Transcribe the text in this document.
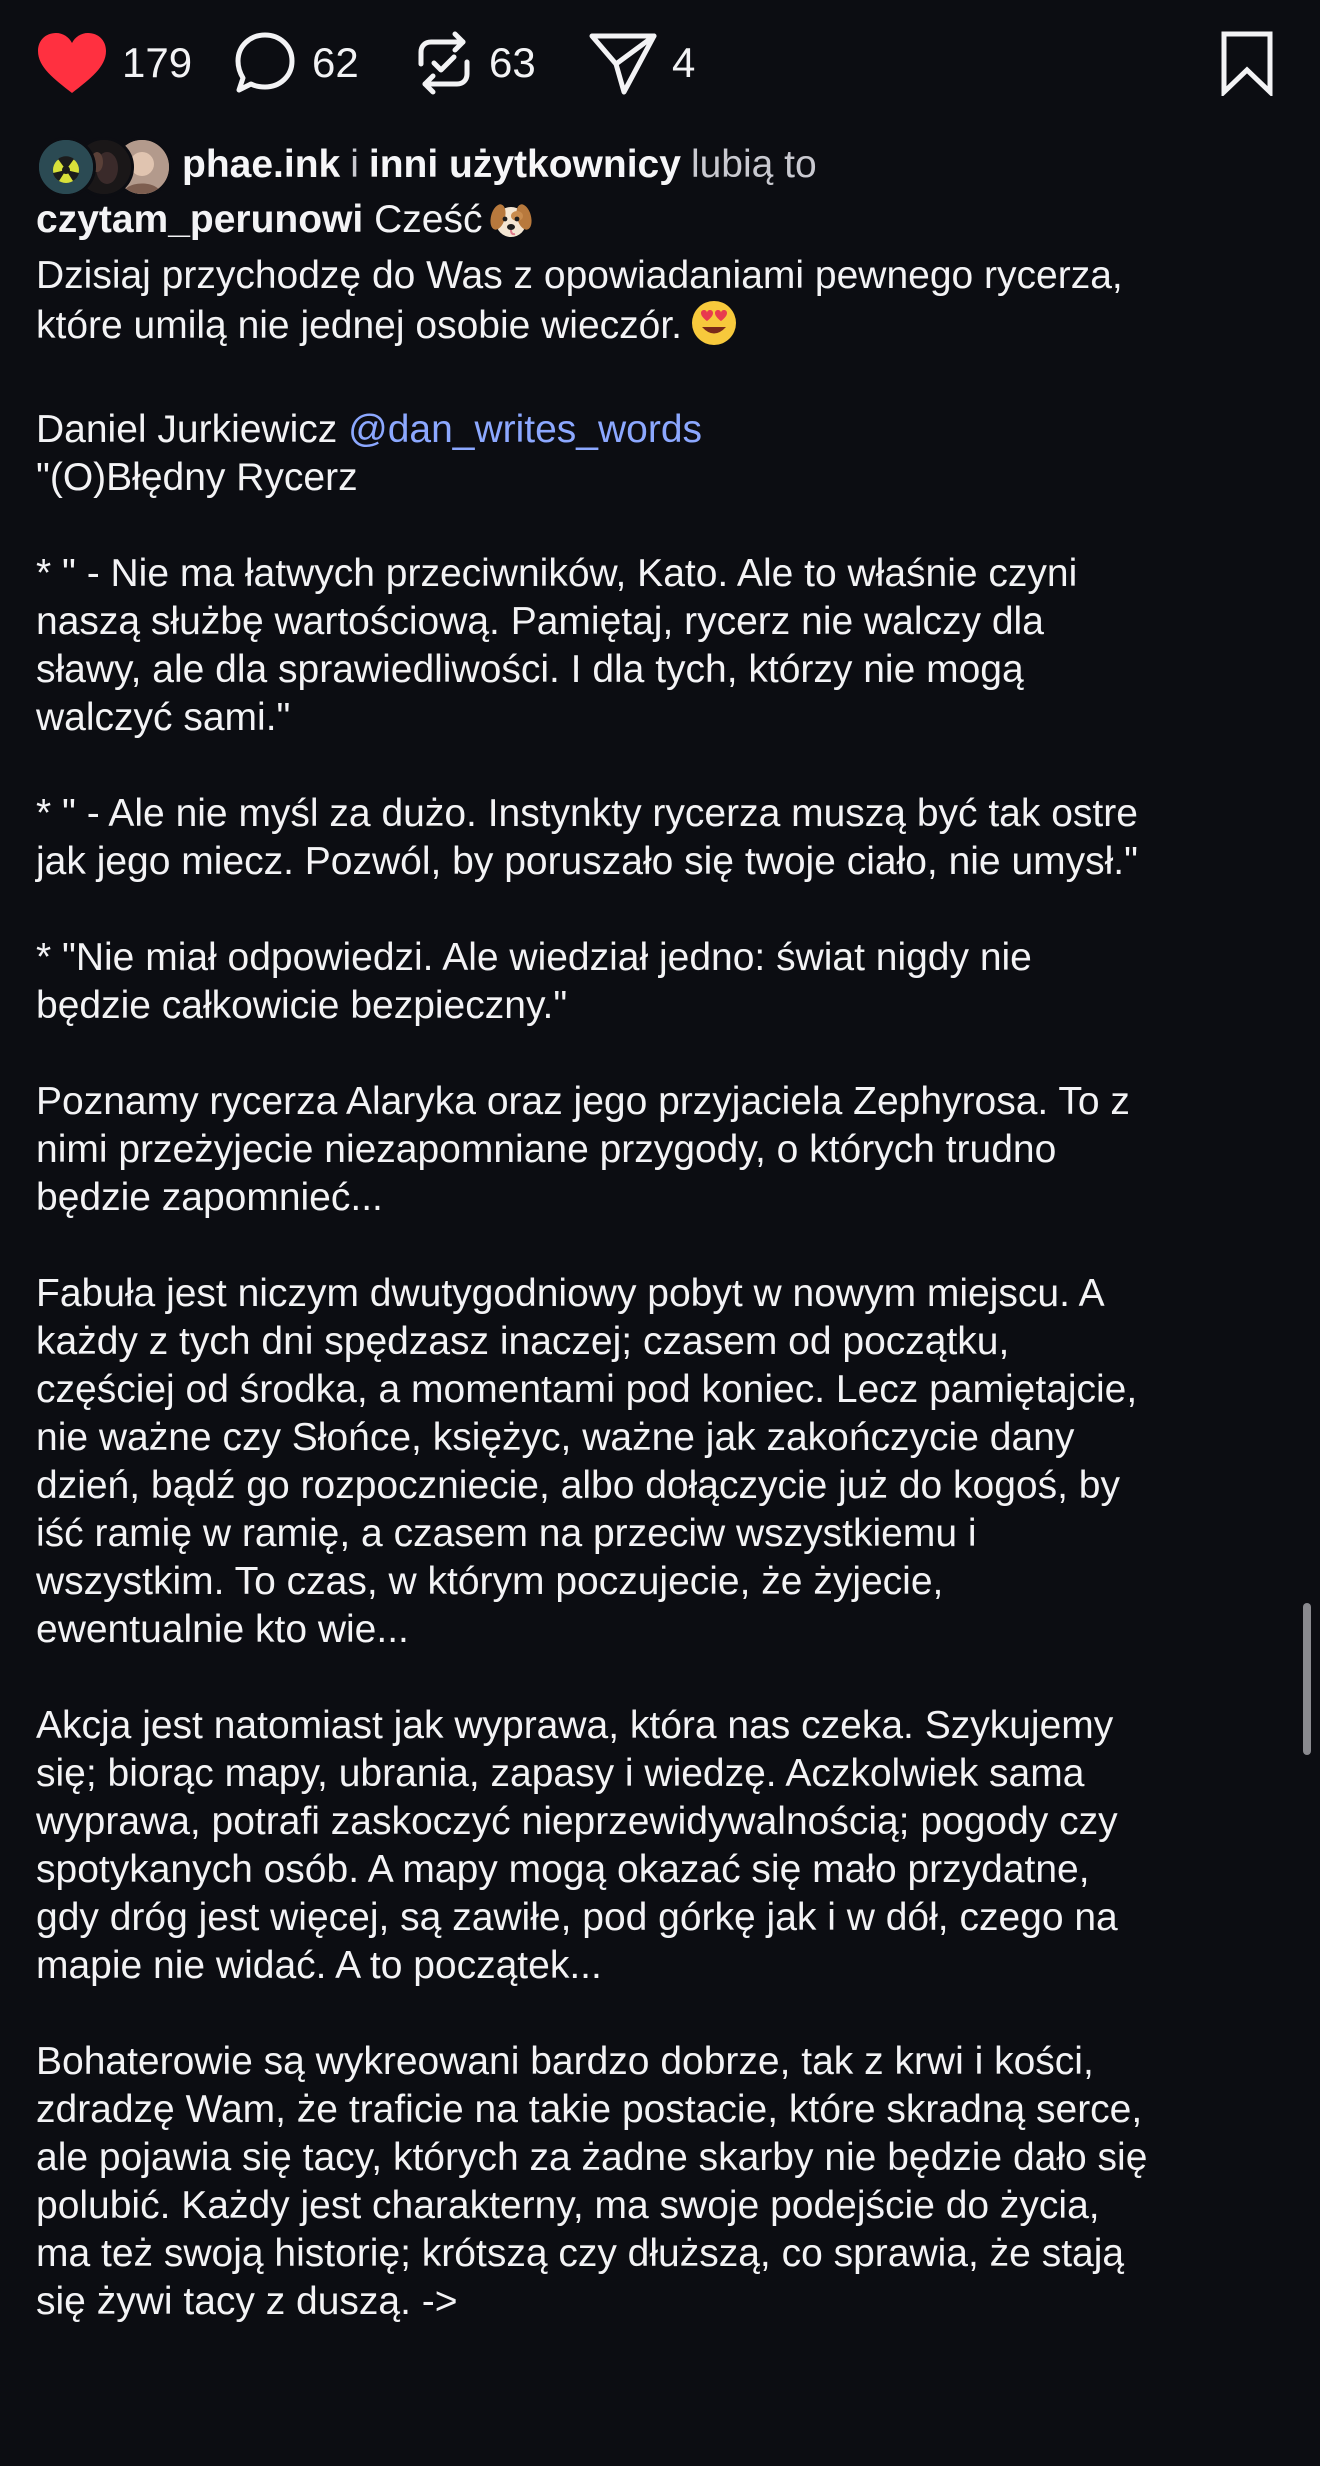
179	62	63	4
phae.ink i inni użytkownicy lubią to

czytam_perunowi Cześć

Dzisiaj przychodzę do Was z opowiadaniami pewnego rycerza,
które umilą nie jednej osobie wieczór.

Daniel Jurkiewicz @dan_writes_words

"(O)Błędny Rycerz

* " - Nie ma łatwych przeciwników, Kato. Ale to właśnie czyni
naszą służbę wartościową. Pamiętaj, rycerz nie walczy dla
sławy, ale dla sprawiedliwości. I dla tych, którzy nie mogą
walczyć sami."

* " - Ale nie myśl za dużo. Instynkty rycerza muszą być tak ostre
jak jego miecz. Pozwól, by poruszało się twoje ciało, nie umysł."

* "Nie miał odpowiedzi. Ale wiedział jedno: świat nigdy nie
będzie całkowicie bezpieczny."

Poznamy rycerza Alaryka oraz jego przyjaciela Zephyrosa. To z
nimi przeżyjecie niezapomniane przygody, o których trudno
będzie zapomnieć...

Fabuła jest niczym dwutygodniowy pobyt w nowym miejscu. A
każdy z tych dni spędzasz inaczej; czasem od początku,
częściej od środka, a momentami pod koniec. Lecz pamiętajcie,
nie ważne czy Słońce, księżyc, ważne jak zakończycie dany
dzień, bądź go rozpoczniecie, albo dołączycie już do kogoś, by
iść ramię w ramię, a czasem na przeciw wszystkiemu i
wszystkim. To czas, w którym poczujecie, że żyjecie,
ewentualnie kto wie...

Akcja jest natomiast jak wyprawa, która nas czeka. Szykujemy
się; biorąc mapy, ubrania, zapasy i wiedzę. Aczkolwiek sama
wyprawa, potrafi zaskoczyć nieprzewidywalnością; pogody czy
spotykanych osób. A mapy mogą okazać się mało przydatne,
gdy dróg jest więcej, są zawiłe, pod górkę jak i w dół, czego na
mapie nie widać. A to początek...

Bohaterowie są wykreowani bardzo dobrze, tak z krwi i kości,
zdradzę Wam, że traficie na takie postacie, które skradną serce,
ale pojawia się tacy, których za żadne skarby nie będzie dało się
polubić. Każdy jest charakterny, ma swoje podejście do życia,
ma też swoją historię; krótszą czy dłuższą, co sprawia, że stają
się żywi tacy z duszą. ->
